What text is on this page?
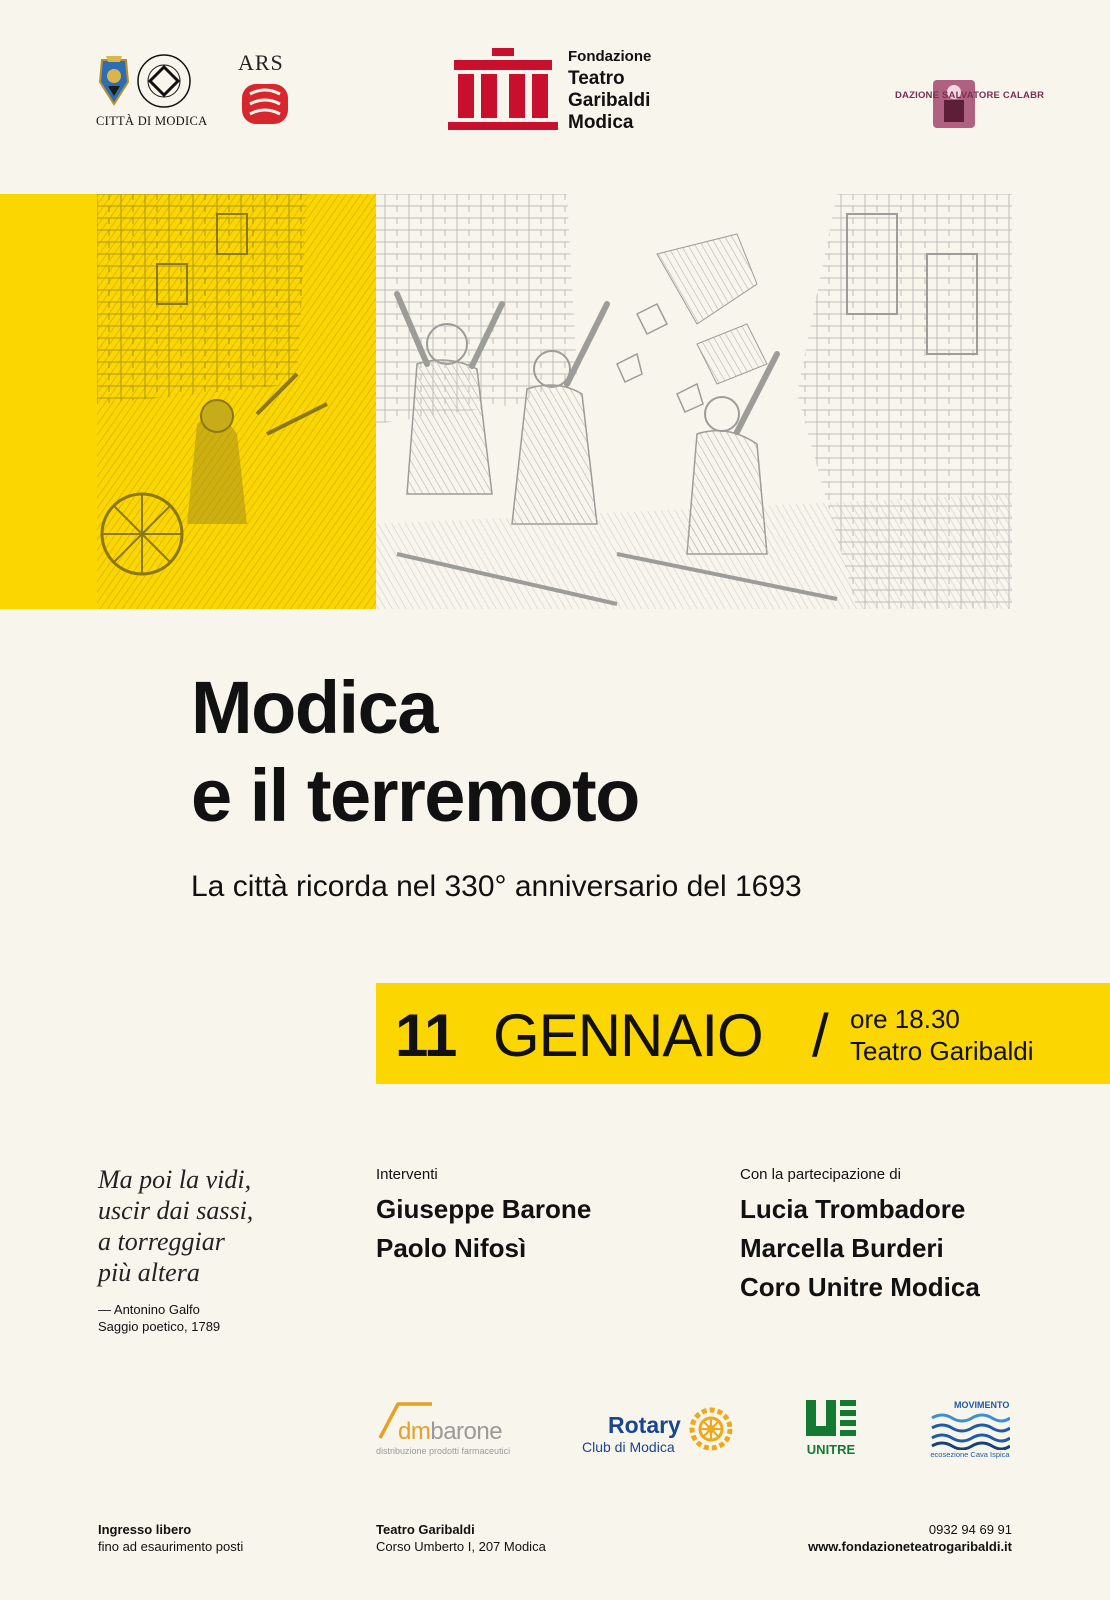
CITTÀ DI MODICA
ARS	Fondazione
Teatro
Garibaldi
Modica
DAZIONE SALVATORE CALABR
Modica
e il terremoto

La città ricorda nel 330° anniversario del 1693

11 GENNAIO / ore 18.30
Teatro Garibaldi

Ma poi la vidi,
uscir dai sassi,
a torreggiar
più altera

— Antonino Galfo
Saggio poetico, 1789
Interventi
Giuseppe Barone
Paolo Nifosì
Con la partecipazione di
Lucia Trombadore
Marcella Burderi
Coro Unitre Modica
dmbarone
distribuzione prodotti farmaceutici
Rotary
Club di Modica	UNITRE
MOVIMENTO
ecosezione Cava Ispica
Ingresso libero
fino ad esaurimento posti
Teatro Garibaldi
Corso Umberto I, 207 Modica
0932 94 69 91
www.fondazioneteatrogaribaldi.it
